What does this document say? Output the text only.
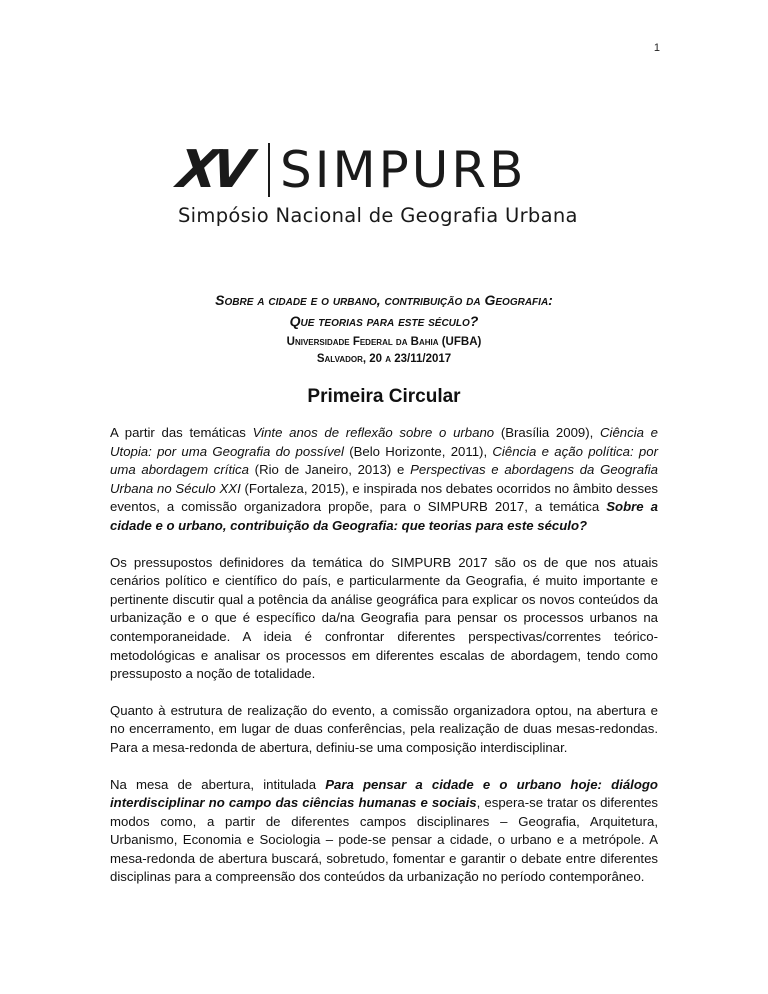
1
XV SIMPURB
Simpósio Nacional de Geografia Urbana
Sobre a cidade e o urbano, contribuição da Geografia:
Que teorias para este século?
Universidade Federal da Bahia (UFBA)
Salvador, 20 a 23/11/2017
Primeira Circular

A partir das temáticas Vinte anos de reflexão sobre o urbano (Brasília 2009), Ciência e Utopia: por uma Geografia do possível (Belo Horizonte, 2011), Ciência e ação política: por uma abordagem crítica (Rio de Janeiro, 2013) e Perspectivas e abordagens da Geografia Urbana no Século XXI (Fortaleza, 2015), e inspirada nos debates ocorridos no âmbito desses eventos, a comissão organizadora propõe, para o SIMPURB 2017, a temática Sobre a cidade e o urbano, contribuição da Geografia: que teorias para este século?

Os pressupostos definidores da temática do SIMPURB 2017 são os de que nos atuais cenários político e científico do país, e particularmente da Geografia, é muito importante e pertinente discutir qual a potência da análise geográfica para explicar os novos conteúdos da urbanização e o que é específico da/na Geografia para pensar os processos urbanos na contemporaneidade. A ideia é confrontar diferentes perspectivas/correntes teórico-metodológicas e analisar os processos em diferentes escalas de abordagem, tendo como pressuposto a noção de totalidade.

Quanto à estrutura de realização do evento, a comissão organizadora optou, na abertura e no encerramento, em lugar de duas conferências, pela realização de duas mesas-redondas. Para a mesa-redonda de abertura, definiu-se uma composição interdisciplinar.

Na mesa de abertura, intitulada Para pensar a cidade e o urbano hoje: diálogo interdisciplinar no campo das ciências humanas e sociais, espera-se tratar os diferentes modos como, a partir de diferentes campos disciplinares – Geografia, Arquitetura, Urbanismo, Economia e Sociologia – pode-se pensar a cidade, o urbano e a metrópole. A mesa-redonda de abertura buscará, sobretudo, fomentar e garantir o debate entre diferentes disciplinas para a compreensão dos conteúdos da urbanização no período contemporâneo.
